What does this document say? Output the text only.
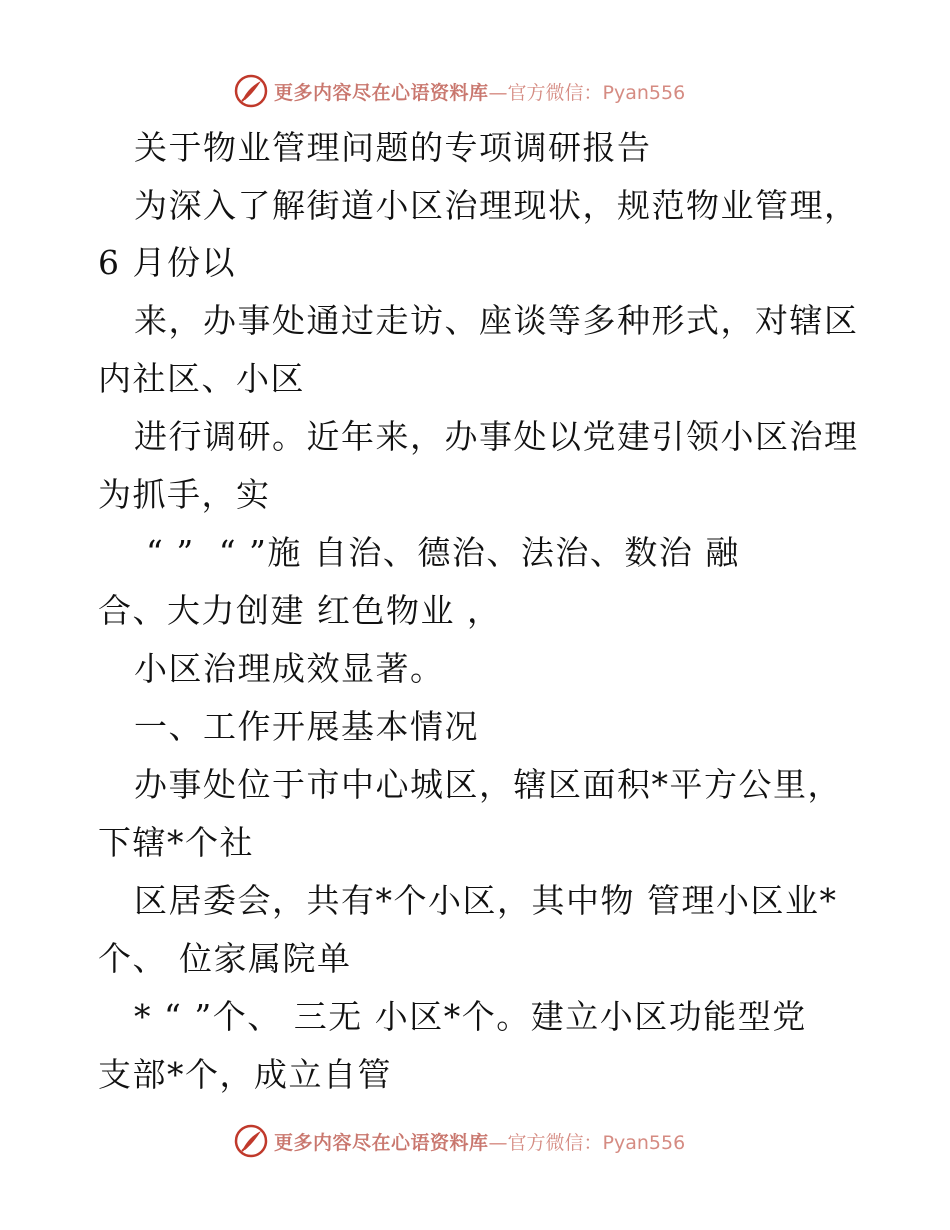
更多内容尽在心语资料库 —官方微信：Pyan556
关于物业管理问题的专项调研报告
为深入了解街道小区治理现状，规范物业管理，
6 月份以
来，办事处通过走访、座谈等多种形式，对辖区
内社区、小区
进行调研。近年来，办事处以党建引领小区治理
为抓手，实
“ ”  “ ”施 自治、德治、法治、数治 融
合、大力创建 红色物业 ，
小区治理成效显著。
一、工作开展基本情况
办事处位于市中心城区，辖区面积*平方公里，
下辖*个社
区居委会，共有*个小区，其中物 管理小区业*
个、 位家属院单
* “ ”个、 三无 小区*个。建立小区功能型党
支部*个，成立自管
更多内容尽在心语资料库 —官方微信：Pyan556
